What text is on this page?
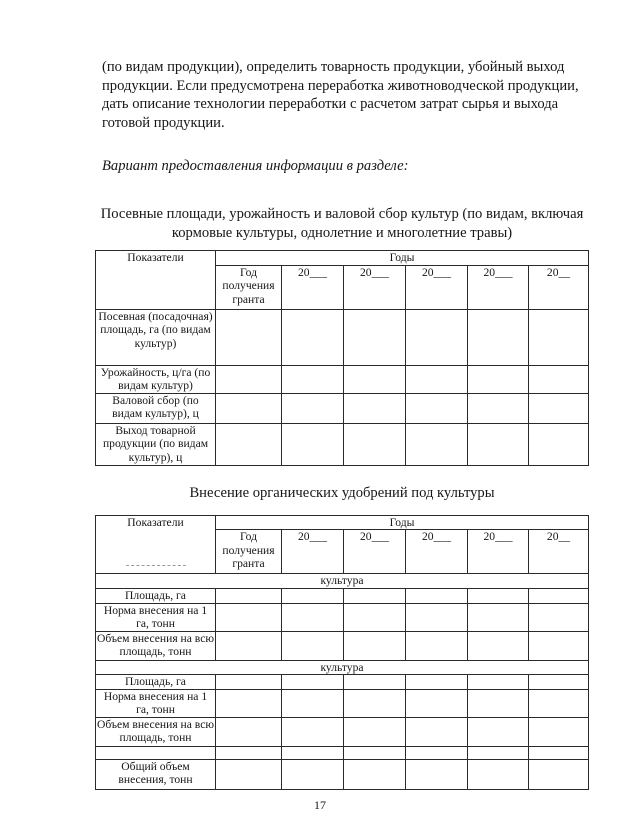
(по видам продукции), определить товарность продукции, убойный выход

продукции. Если предусмотрена переработка животноводческой продукции,

дать описание технологии переработки с расчетом затрат сырья и выхода

готовой продукции.

Вариант предоставления информации в разделе:

Посевные площади, урожайность и валовой сбор культур (по видам, включая

кормовые культуры, однолетние и многолетние травы)

Показатели	Годы					
	Год получения гранта	20___	20___	20___	20___	20__
Посевная (посадочная) площадь, га (по видам культур)						
Урожайность, ц/га (по видам культур)						
Валовой сбор (по видам культур), ц						
Выход товарной продукции (по видам культур), ц						

Внесение органических удобрений под культуры

Показатели	Годы					
	Год получения гранта	20___	20___	20___	20___	20__
культура						
Площадь, га						
Норма внесения на 1 га, тонн						
Объем внесения на всю площадь, тонн						
культура						
Площадь, га						
Норма внесения на 1 га, тонн						
Объем внесения на всю площадь, тонн						

Общий объем внесения, тонн						
17
